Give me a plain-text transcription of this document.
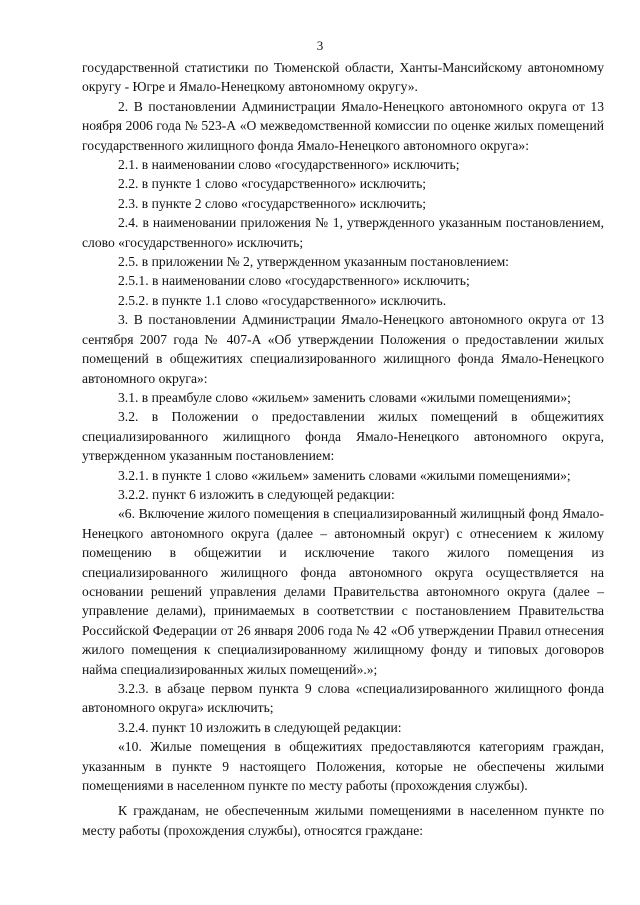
3

государственной статистики по Тюменской области, Ханты-Мансийскому автономному округу - Югре и Ямало-Ненецкому автономному округу».

2. В постановлении Администрации Ямало-Ненецкого автономного округа от 13 ноября 2006 года № 523-А «О межведомственной комиссии по оценке жилых помещений государственного жилищного фонда Ямало-Ненецкого автономного округа»:

2.1. в наименовании слово «государственного» исключить;

2.2. в пункте 1 слово «государственного» исключить;

2.3. в пункте 2 слово «государственного» исключить;

2.4. в наименовании приложения № 1, утвержденного указанным постановлением, слово «государственного» исключить;

2.5. в приложении № 2, утвержденном указанным постановлением:

2.5.1. в наименовании слово «государственного» исключить;

2.5.2. в пункте 1.1 слово «государственного» исключить.

3. В постановлении Администрации Ямало-Ненецкого автономного округа от 13 сентября 2007 года № 407-А «Об утверждении Положения о предоставлении жилых помещений в общежитиях специализированного жилищного фонда Ямало-Ненецкого автономного округа»:

3.1. в преамбуле слово «жильем» заменить словами «жилыми помещениями»;

3.2. в Положении о предоставлении жилых помещений в общежитиях специализированного жилищного фонда Ямало-Ненецкого автономного округа, утвержденном указанным постановлением:

3.2.1. в пункте 1 слово «жильем» заменить словами «жилыми помещениями»;

3.2.2. пункт 6 изложить в следующей редакции:

«6. Включение жилого помещения в специализированный жилищный фонд Ямало-Ненецкого автономного округа (далее – автономный округ) с отнесением к жилому помещению в общежитии и исключение такого жилого помещения из специализированного жилищного фонда автономного округа осуществляется на основании решений управления делами Правительства автономного округа (далее – управление делами), принимаемых в соответствии с постановлением Правительства Российской Федерации от 26 января 2006 года № 42 «Об утверждении Правил отнесения жилого помещения к специализированному жилищному фонду и типовых договоров найма специализированных жилых помещений».»;

3.2.3. в абзаце первом пункта 9 слова «специализированного жилищного фонда автономного округа» исключить;

3.2.4. пункт 10 изложить в следующей редакции:

«10. Жилые помещения в общежитиях предоставляются категориям граждан, указанным в пункте 9 настоящего Положения, которые не обеспечены жилыми помещениями в населенном пункте по месту работы (прохождения службы).

К гражданам, не обеспеченным жилыми помещениями в населенном пункте по месту работы (прохождения службы), относятся граждане:
